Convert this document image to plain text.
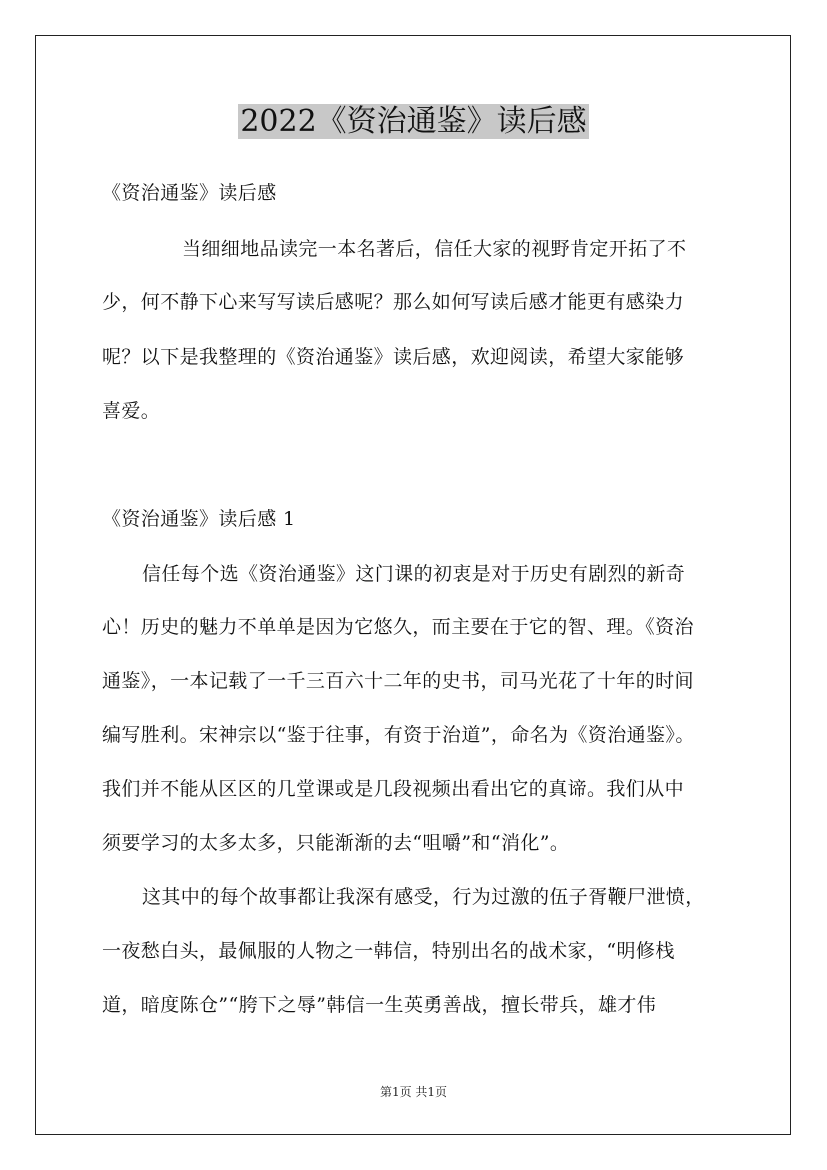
2022《资治通鉴》读后感
《资治通鉴》读后感
当细细地品读完一本名著后，信任大家的视野肯定开拓了不
少，何不静下心来写写读后感呢？那么如何写读后感才能更有感染力
呢？以下是我整理的《资治通鉴》读后感，欢迎阅读，希望大家能够
喜爱。
《资治通鉴》读后感 1
信任每个选《资治通鉴》这门课的初衷是对于历史有剧烈的新奇
心！历史的魅力不单单是因为它悠久，而主要在于它的智、理。《资治
通鉴》，一本记载了一千三百六十二年的史书，司马光花了十年的时间
编写胜利。宋神宗以“鉴于往事，有资于治道”，命名为《资治通鉴》。
我们并不能从区区的几堂课或是几段视频出看出它的真谛。我们从中
须要学习的太多太多，只能渐渐的去“咀嚼”和“消化”。
这其中的每个故事都让我深有感受，行为过激的伍子胥鞭尸泄愤，
一夜愁白头，最佩服的人物之一韩信，特别出名的战术家，“明修栈
道，暗度陈仓”“胯下之辱”韩信一生英勇善战，擅长带兵，雄才伟
第1页 共1页
